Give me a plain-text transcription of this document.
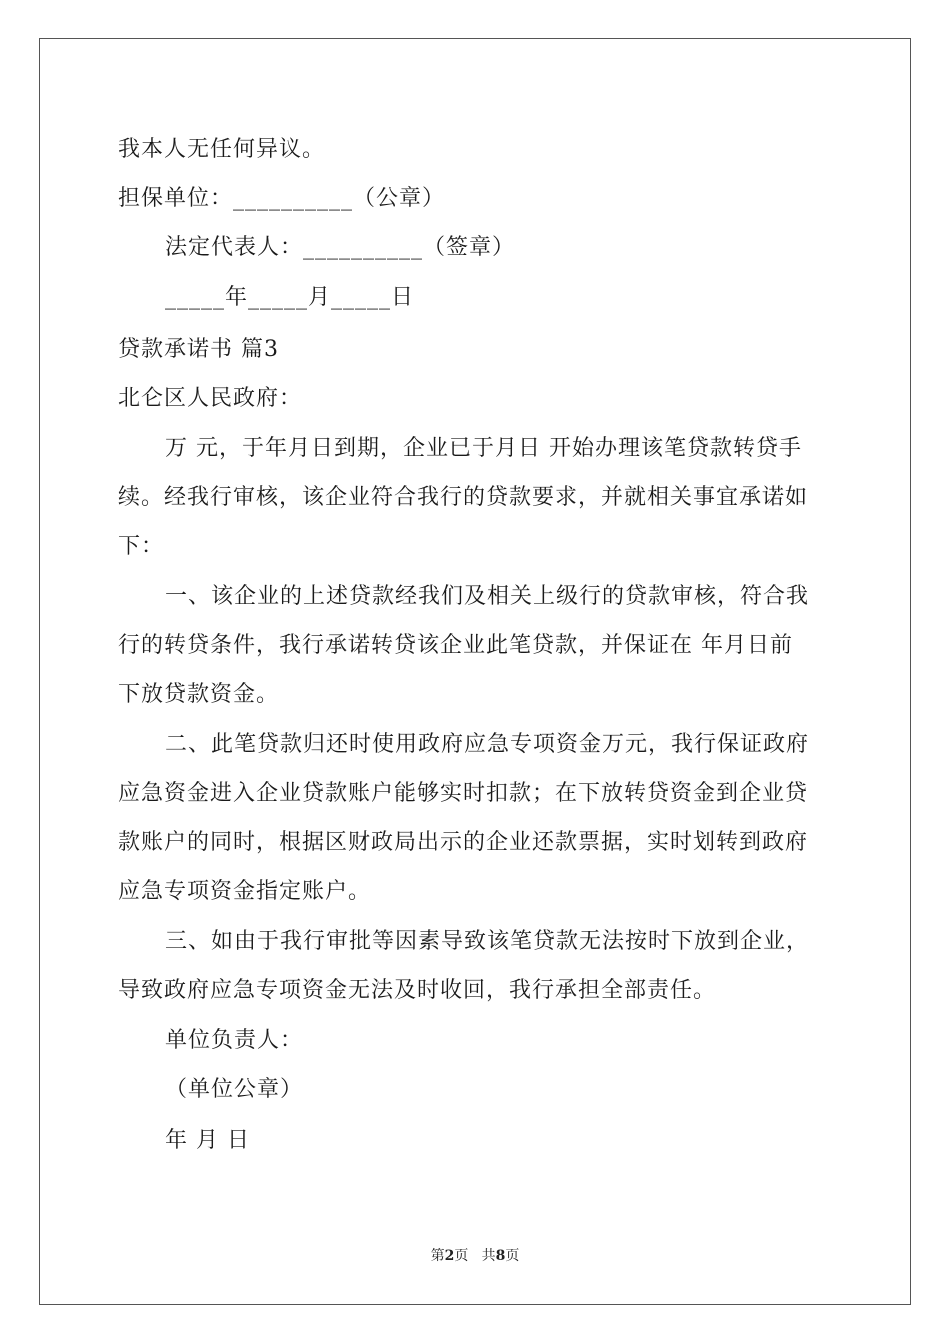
我本人无任何异议。
担保单位：__________（公章）
法定代表人：__________（签章）
_____年_____月_____日
贷款承诺书 篇3
北仑区人民政府：
万 元，于年月日到期，企业已于月日 开始办理该笔贷款转贷手
续。经我行审核，该企业符合我行的贷款要求，并就相关事宜承诺如
下：
一、该企业的上述贷款经我们及相关上级行的贷款审核，符合我
行的转贷条件，我行承诺转贷该企业此笔贷款，并保证在 年月日前
下放贷款资金。
二、此笔贷款归还时使用政府应急专项资金万元，我行保证政府
应急资金进入企业贷款账户能够实时扣款；在下放转贷资金到企业贷
款账户的同时，根据区财政局出示的企业还款票据，实时划转到政府
应急专项资金指定账户。
三、如由于我行审批等因素导致该笔贷款无法按时下放到企业，
导致政府应急专项资金无法及时收回，我行承担全部责任。
单位负责人：
（单位公章）
年 月 日
第2页 共8页
